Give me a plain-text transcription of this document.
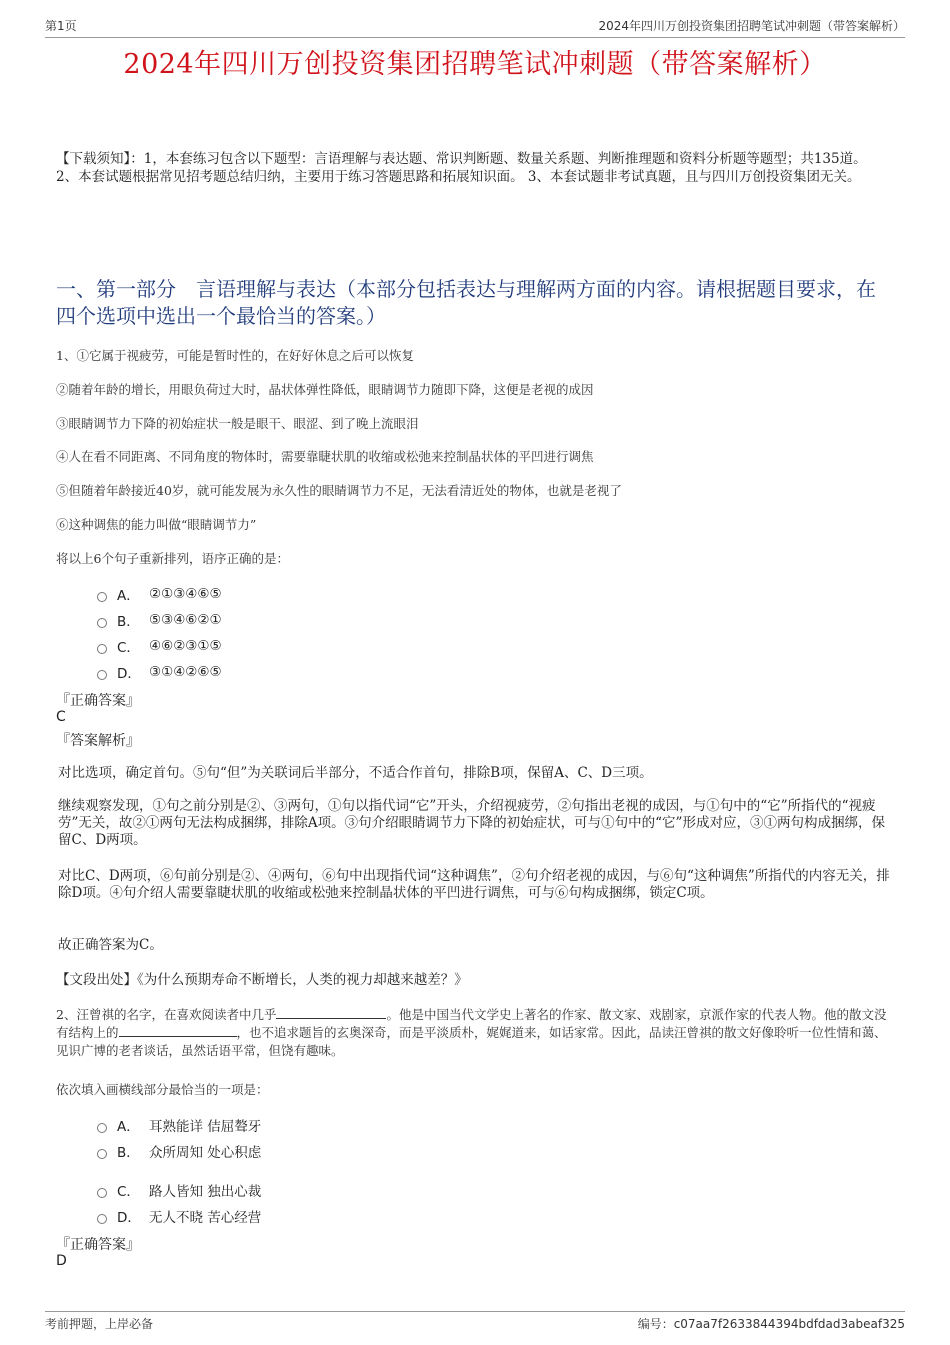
第1页	2024年四川万创投资集团招聘笔试冲刺题（带答案解析）
2024年四川万创投资集团招聘笔试冲刺题（带答案解析）
【下载须知】：1，本套练习包含以下题型：言语理解与表达题、常识判断题、数量关系题、判断推理题和资料分析题等题型；共135道。 2、本套试题根据常见招考题总结归纳，主要用于练习答题思路和拓展知识面。 3、本套试题非考试真题，且与四川万创投资集团无关。
一、第一部分　言语理解与表达（本部分包括表达与理解两方面的内容。请根据题目要求，在四个选项中选出一个最恰当的答案。）
1、①它属于视疲劳，可能是暂时性的，在好好休息之后可以恢复
②随着年龄的增长，用眼负荷过大时，晶状体弹性降低，眼睛调节力随即下降，这便是老视的成因
③眼睛调节力下降的初始症状一般是眼干、眼涩、到了晚上流眼泪
④人在看不同距离、不同角度的物体时，需要靠睫状肌的收缩或松弛来控制晶状体的平凹进行调焦
⑤但随着年龄接近40岁，就可能发展为永久性的眼睛调节力不足，无法看清近处的物体，也就是老视了
⑥这种调焦的能力叫做“眼睛调节力”
将以上6个句子重新排列，语序正确的是：
A． ②①③④⑥⑤
B． ⑤③④⑥②①
C． ④⑥②③①⑤
D． ③①④②⑥⑤
『正确答案』
C
『答案解析』
对比选项，确定首句。⑤句“但”为关联词后半部分，不适合作首句，排除B项，保留A、C、D三项。
继续观察发现，①句之前分别是②、③两句，①句以指代词“它”开头，介绍视疲劳，②句指出老视的成因，与①句中的“它”所指代的“视疲劳”无关，故②①两句无法构成捆绑，排除A项。③句介绍眼睛调节力下降的初始症状，可与①句中的“它”形成对应，③①两句构成捆绑，保留C、D两项。
对比C、D两项，⑥句前分别是②、④两句，⑥句中出现指代词“这种调焦”，②句介绍老视的成因，与⑥句“这种调焦”所指代的内容无关，排除D项。④句介绍人需要靠睫状肌的收缩或松弛来控制晶状体的平凹进行调焦，可与⑥句构成捆绑，锁定C项。
故正确答案为C。
【文段出处】《为什么预期寿命不断增长，人类的视力却越来越差？》
2、汪曾祺的名字，在喜欢阅读者中几乎	。他是中国当代文学史上著名的作家、散文家、戏剧家，京派作家的代表人物。他的散文没有结构上的	，也不追求题旨的玄奥深奇，而是平淡质朴，娓娓道来，如话家常。因此，品读汪曾祺的散文好像聆听一位性情和蔼、见识广博的老者谈话，虽然话语平常，但饶有趣味。
依次填入画横线部分最恰当的一项是：
A． 耳熟能详 佶屈聱牙
B． 众所周知 处心积虑
C． 路人皆知 独出心裁
D． 无人不晓 苦心经营
『正确答案』
D
考前押题，上岸必备	编号：c07aa7f2633844394bdfdad3abeaf325
